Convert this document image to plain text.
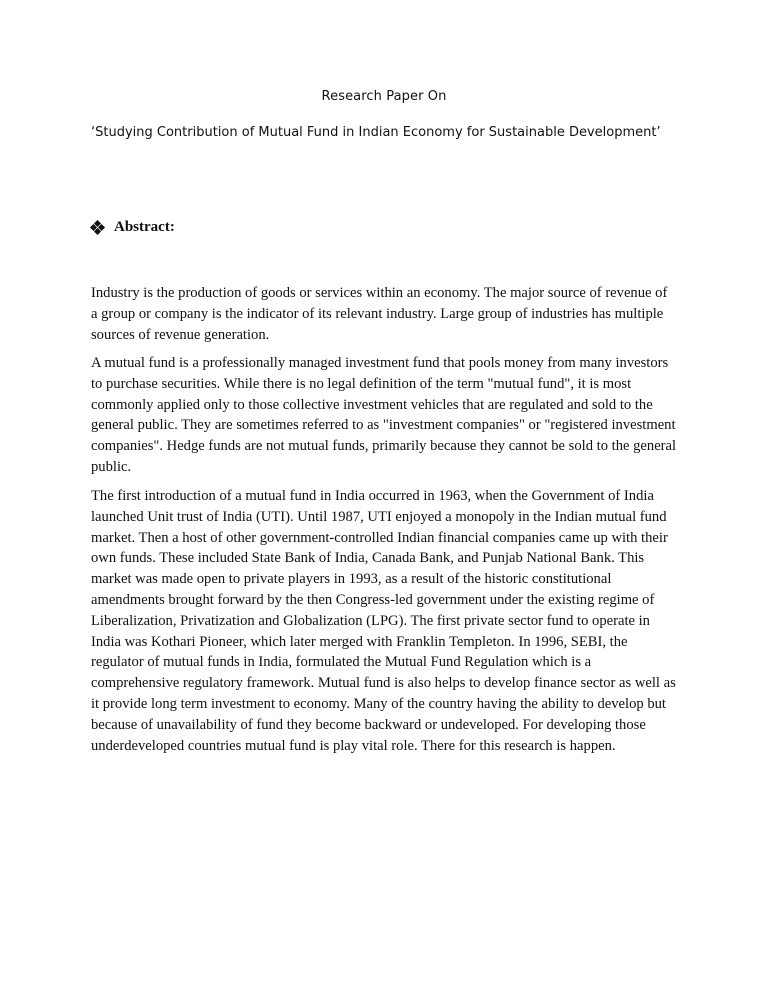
Research Paper On
‘Studying Contribution of Mutual Fund in Indian Economy for Sustainable Development’
Abstract:

Industry is the production of goods or services within an economy. The major source of revenue of a group or company is the indicator of its relevant industry. Large group of industries has multiple sources of revenue generation.

A mutual fund is a professionally managed investment fund that pools money from many investors to purchase securities. While there is no legal definition of the term "mutual fund", it is most commonly applied only to those collective investment vehicles that are regulated and sold to the general public. They are sometimes referred to as "investment companies" or "registered investment companies". Hedge funds are not mutual funds, primarily because they cannot be sold to the general public.

The first introduction of a mutual fund in India occurred in 1963, when the Government of India launched Unit trust of India (UTI). Until 1987, UTI enjoyed a monopoly in the Indian mutual fund market. Then a host of other government-controlled Indian financial companies came up with their own funds. These included State Bank of India, Canada Bank, and Punjab National Bank. This market was made open to private players in 1993, as a result of the historic constitutional amendments brought forward by the then Congress-led government under the existing regime of Liberalization, Privatization and Globalization (LPG). The first private sector fund to operate in India was Kothari Pioneer, which later merged with Franklin Templeton. In 1996, SEBI, the regulator of mutual funds in India, formulated the Mutual Fund Regulation which is a comprehensive regulatory framework. Mutual fund is also helps to develop finance sector as well as it provide long term investment to economy. Many of the country having the ability to develop but because of unavailability of fund they become backward or undeveloped. For developing those underdeveloped countries mutual fund is play vital role. There for this research is happen.
